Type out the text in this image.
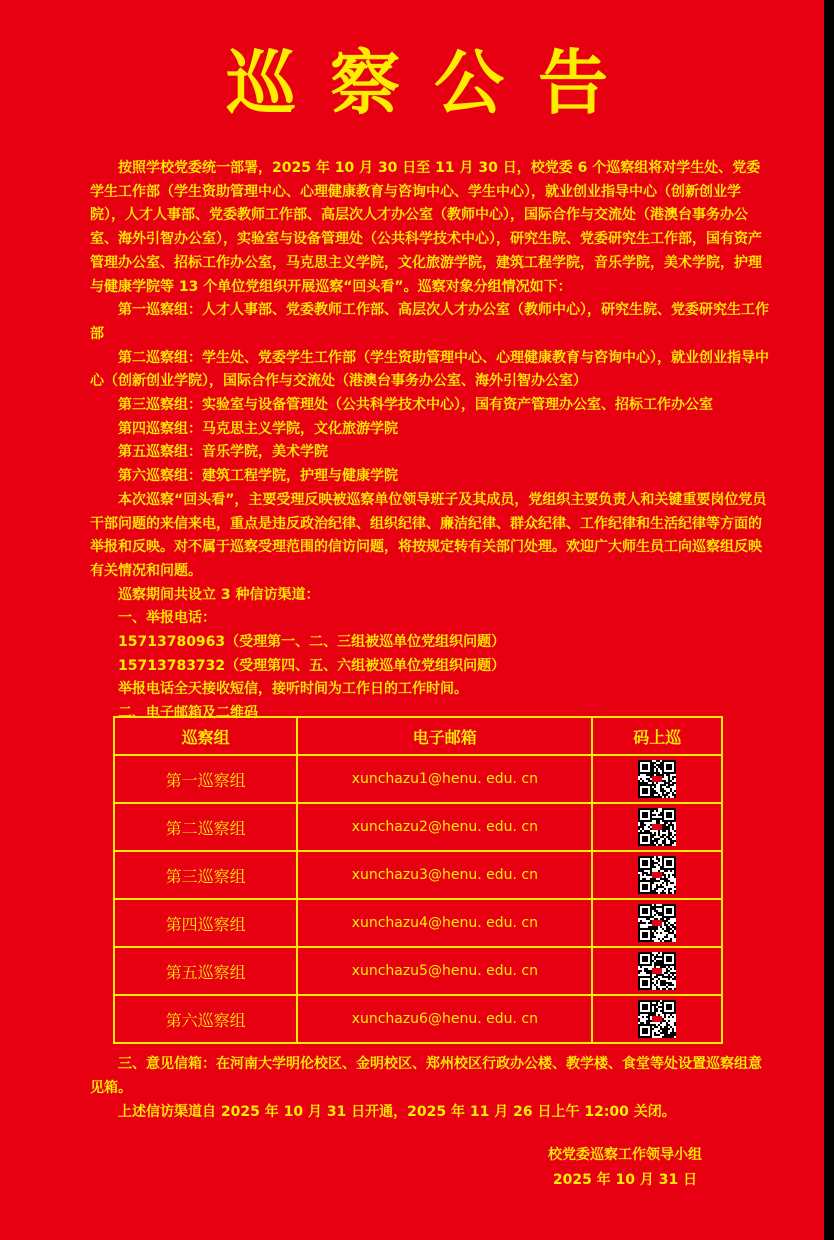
巡察公告

按照学校党委统一部署，2025 年 10 月 30 日至 11 月 30 日，校党委 6 个巡察组将对学生处、党委学生工作部（学生资助管理中心、心理健康教育与咨询中心、学生中心），就业创业指导中心（创新创业学院），人才人事部、党委教师工作部、高层次人才办公室（教师中心），国际合作与交流处（港澳台事务办公室、海外引智办公室），实验室与设备管理处（公共科学技术中心），研究生院、党委研究生工作部，国有资产管理办公室、招标工作办公室，马克思主义学院，文化旅游学院，建筑工程学院，音乐学院，美术学院，护理与健康学院等 13 个单位党组织开展巡察“回头看”。巡察对象分组情况如下：

第一巡察组：人才人事部、党委教师工作部、高层次人才办公室（教师中心），研究生院、党委研究生工作部

第二巡察组：学生处、党委学生工作部（学生资助管理中心、心理健康教育与咨询中心），就业创业指导中心（创新创业学院），国际合作与交流处（港澳台事务办公室、海外引智办公室）

第三巡察组：实验室与设备管理处（公共科学技术中心），国有资产管理办公室、招标工作办公室

第四巡察组：马克思主义学院，文化旅游学院

第五巡察组：音乐学院，美术学院

第六巡察组：建筑工程学院，护理与健康学院

本次巡察“回头看”，主要受理反映被巡察单位领导班子及其成员，党组织主要负责人和关键重要岗位党员干部问题的来信来电，重点是违反政治纪律、组织纪律、廉洁纪律、群众纪律、工作纪律和生活纪律等方面的举报和反映。对不属于巡察受理范围的信访问题，将按规定转有关部门处理。欢迎广大师生员工向巡察组反映有关情况和问题。

巡察期间共设立 3 种信访渠道：

一、举报电话：

15713780963（受理第一、二、三组被巡单位党组织问题）

15713783732（受理第四、五、六组被巡单位党组织问题）

举报电话全天接收短信，接听时间为工作日的工作时间。

二、电子邮箱及二维码

巡察组	电子邮箱	码上巡
第一巡察组	xunchazu1@henu. edu. cn	

第二巡察组	xunchazu2@henu. edu. cn	

第三巡察组	xunchazu3@henu. edu. cn	

第四巡察组	xunchazu4@henu. edu. cn	

第五巡察组	xunchazu5@henu. edu. cn	

第六巡察组	xunchazu6@henu. edu. cn	

三、意见信箱：在河南大学明伦校区、金明校区、郑州校区行政办公楼、教学楼、食堂等处设置巡察组意见箱。

上述信访渠道自 2025 年 10 月 31 日开通，2025 年 11 月 26 日上午 12:00 关闭。

校党委巡察工作领导小组

2025 年 10 月 31 日
